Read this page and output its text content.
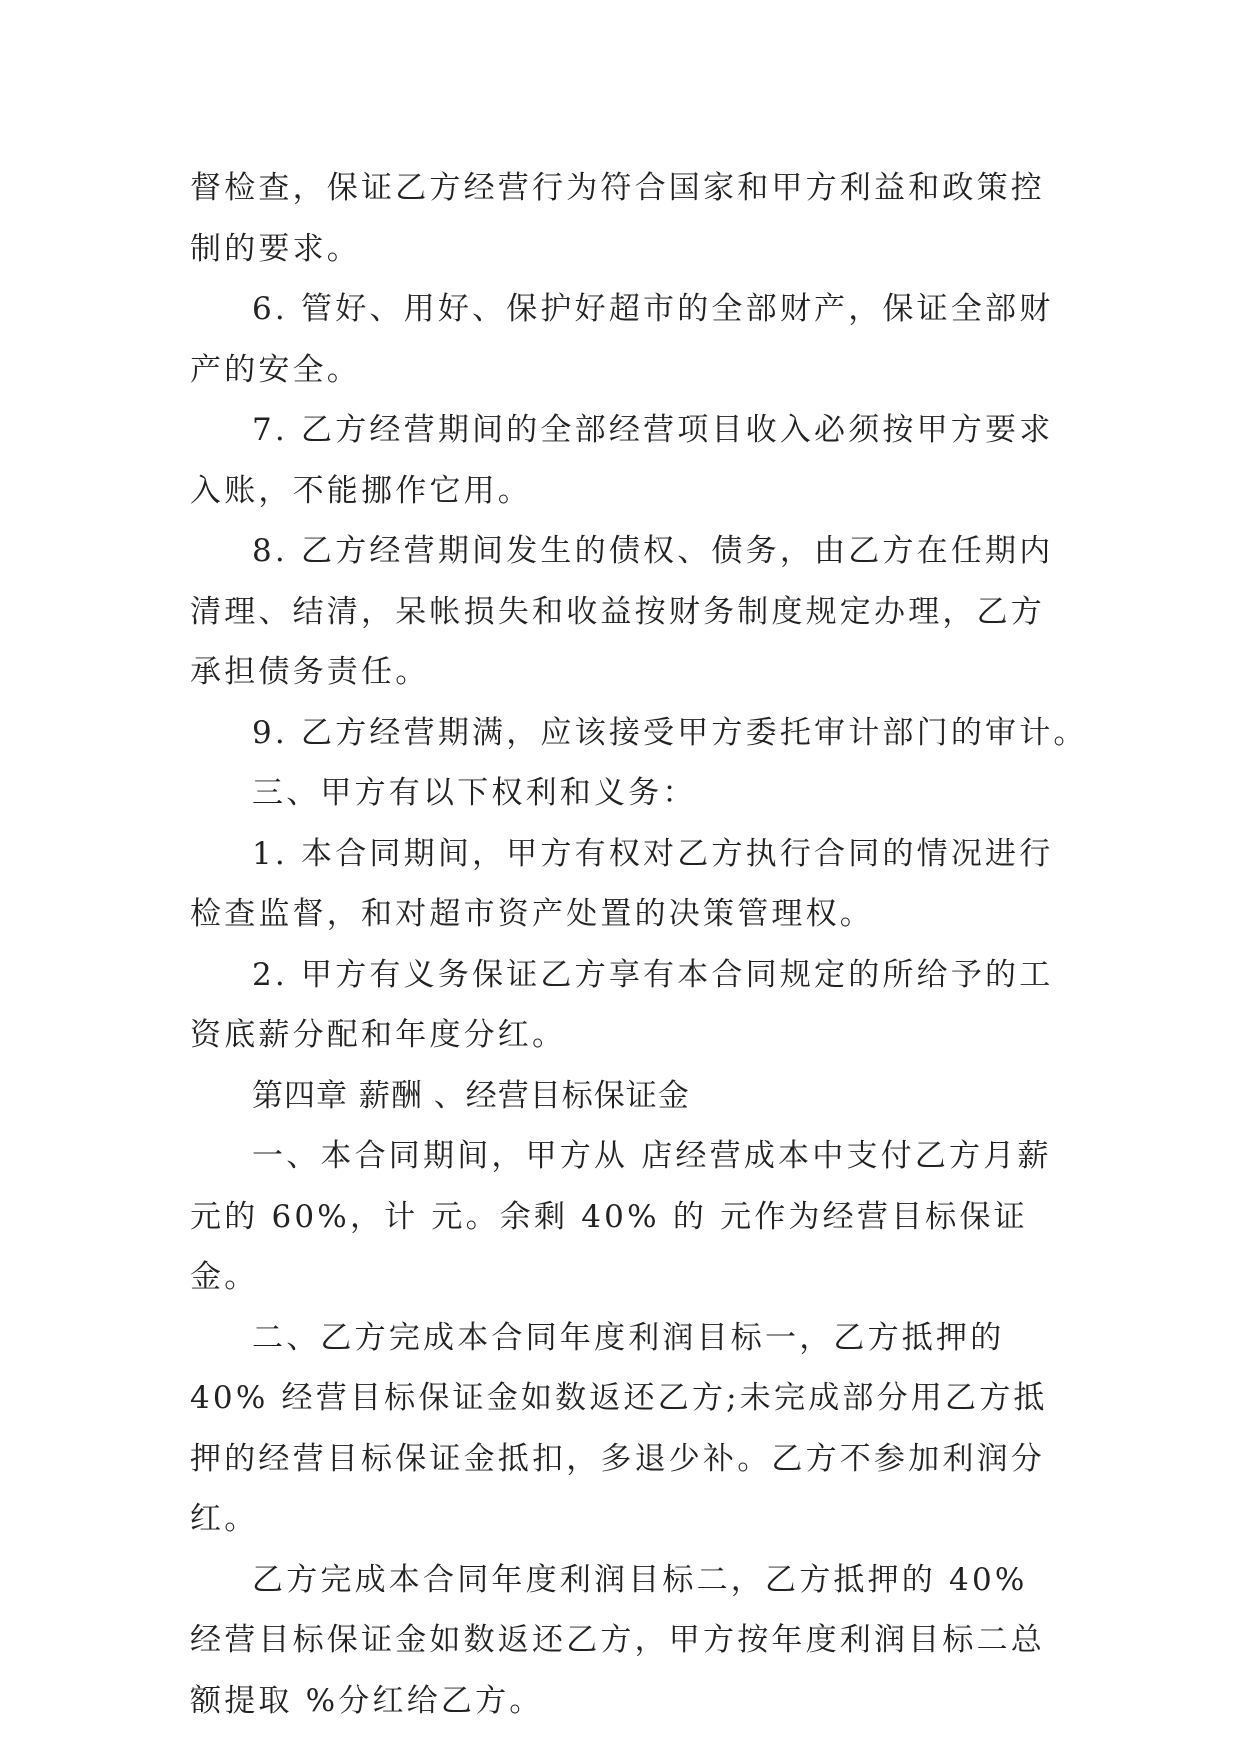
督检查，保证乙方经营行为符合国家和甲方利益和政策控制的要求。

6. 管好、用好、保护好超市的全部财产，保证全部财产的安全。

7. 乙方经营期间的全部经营项目收入必须按甲方要求入账，不能挪作它用。

8. 乙方经营期间发生的债权、债务，由乙方在任期内清理、结清，呆帐损失和收益按财务制度规定办理，乙方承担债务责任。

9. 乙方经营期满，应该接受甲方委托审计部门的审计。

三、甲方有以下权利和义务：

1. 本合同期间，甲方有权对乙方执行合同的情况进行检查监督，和对超市资产处置的决策管理权。

2. 甲方有义务保证乙方享有本合同规定的所给予的工资底薪分配和年度分红。

第四章 薪酬 、经营目标保证金

一、本合同期间，甲方从 店经营成本中支付乙方月薪 元的 60%，计 元。余剩 40% 的 元作为经营目标保证金。

二、乙方完成本合同年度利润目标一，乙方抵押的 40% 经营目标保证金如数返还乙方;未完成部分用乙方抵押的经营目标保证金抵扣，多退少补。乙方不参加利润分红。

乙方完成本合同年度利润目标二，乙方抵押的 40%经营目标保证金如数返还乙方，甲方按年度利润目标二总额提取 %分红给乙方。
